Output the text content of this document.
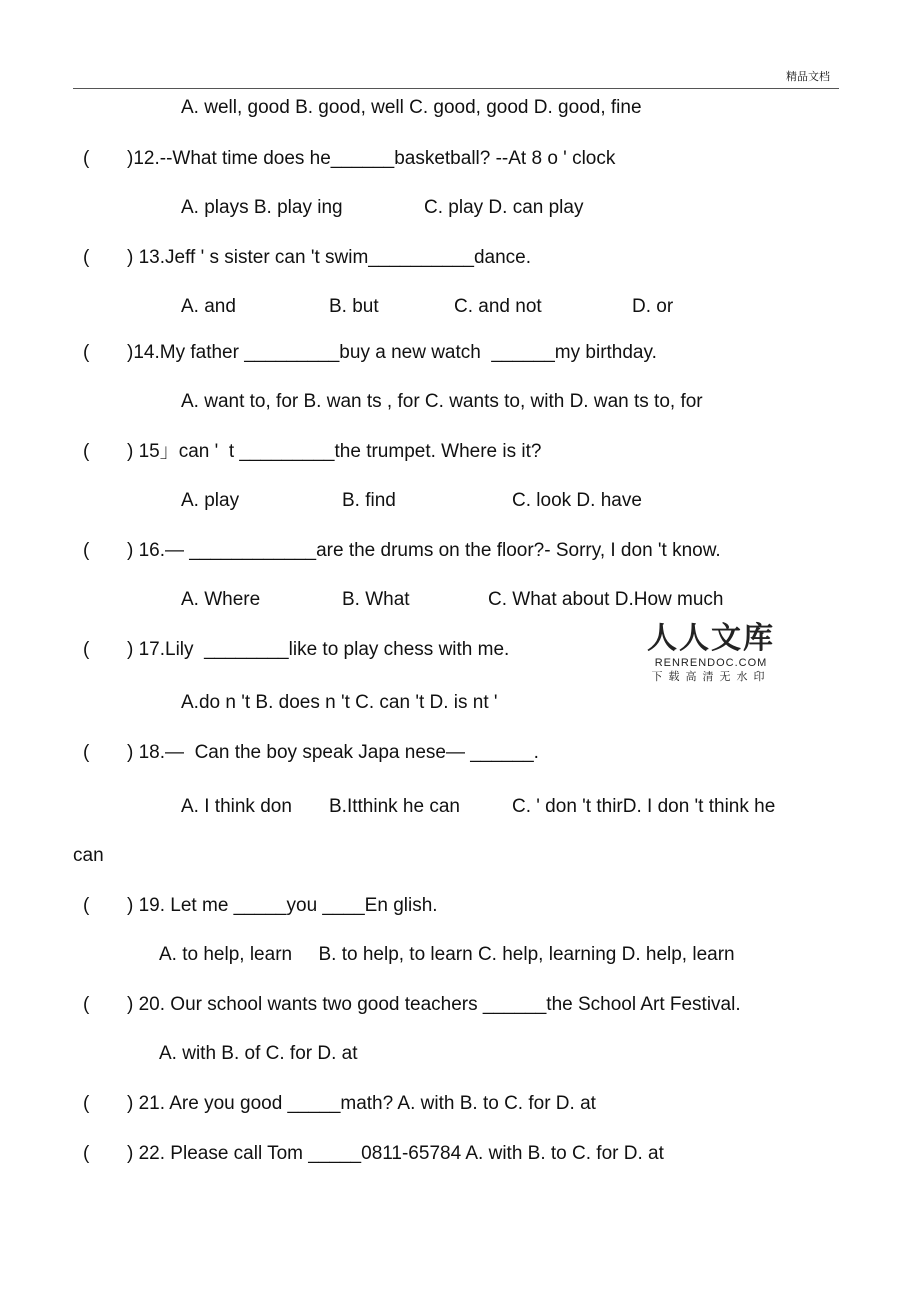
精品文档
A. well, good B. good, well C. good, good D. good, fine
( )12.--What time does he______basketball? --At 8 o ' clock
A. plays B. play ing	C. play D. can play
( ) 13.Jeff ' s sister can 't swim__________dance.
A. and	B. but	C. and not	D. or
( )14.My father _________buy a new watch  ______my birthday.
A. want to, for B. wan ts , for C. wants to, with D. wan ts to, for
( ) 15」can '  t _________the trumpet. Where is it?
A. play	B. find	C. look D. have
( ) 16.— ____________are the drums on the floor?- Sorry, I don 't know.
A. Where	B. What	C. What about D.How much
( ) 17.Lily  ________like to play chess with me.	人人文库
RENRENDOC.COM
下载高清无水印
A.do n 't B. does n 't C. can 't D. is nt '
( ) 18.—  Can the boy speak Japa nese— ______.
A. I think don B.Itthink he can	C. ' don 't thirD. I don 't think he
can
( ) 19. Let me _____you ____En glish.
A. to help, learn     B. to help, to learn C. help, learning D. help, learn
( ) 20. Our school wants two good teachers ______the School Art Festival.
A. with B. of C. for D. at
( ) 21. Are you good _____math? A. with B. to C. for D. at
( ) 22. Please call Tom _____0811-65784 A. with B. to C. for D. at
